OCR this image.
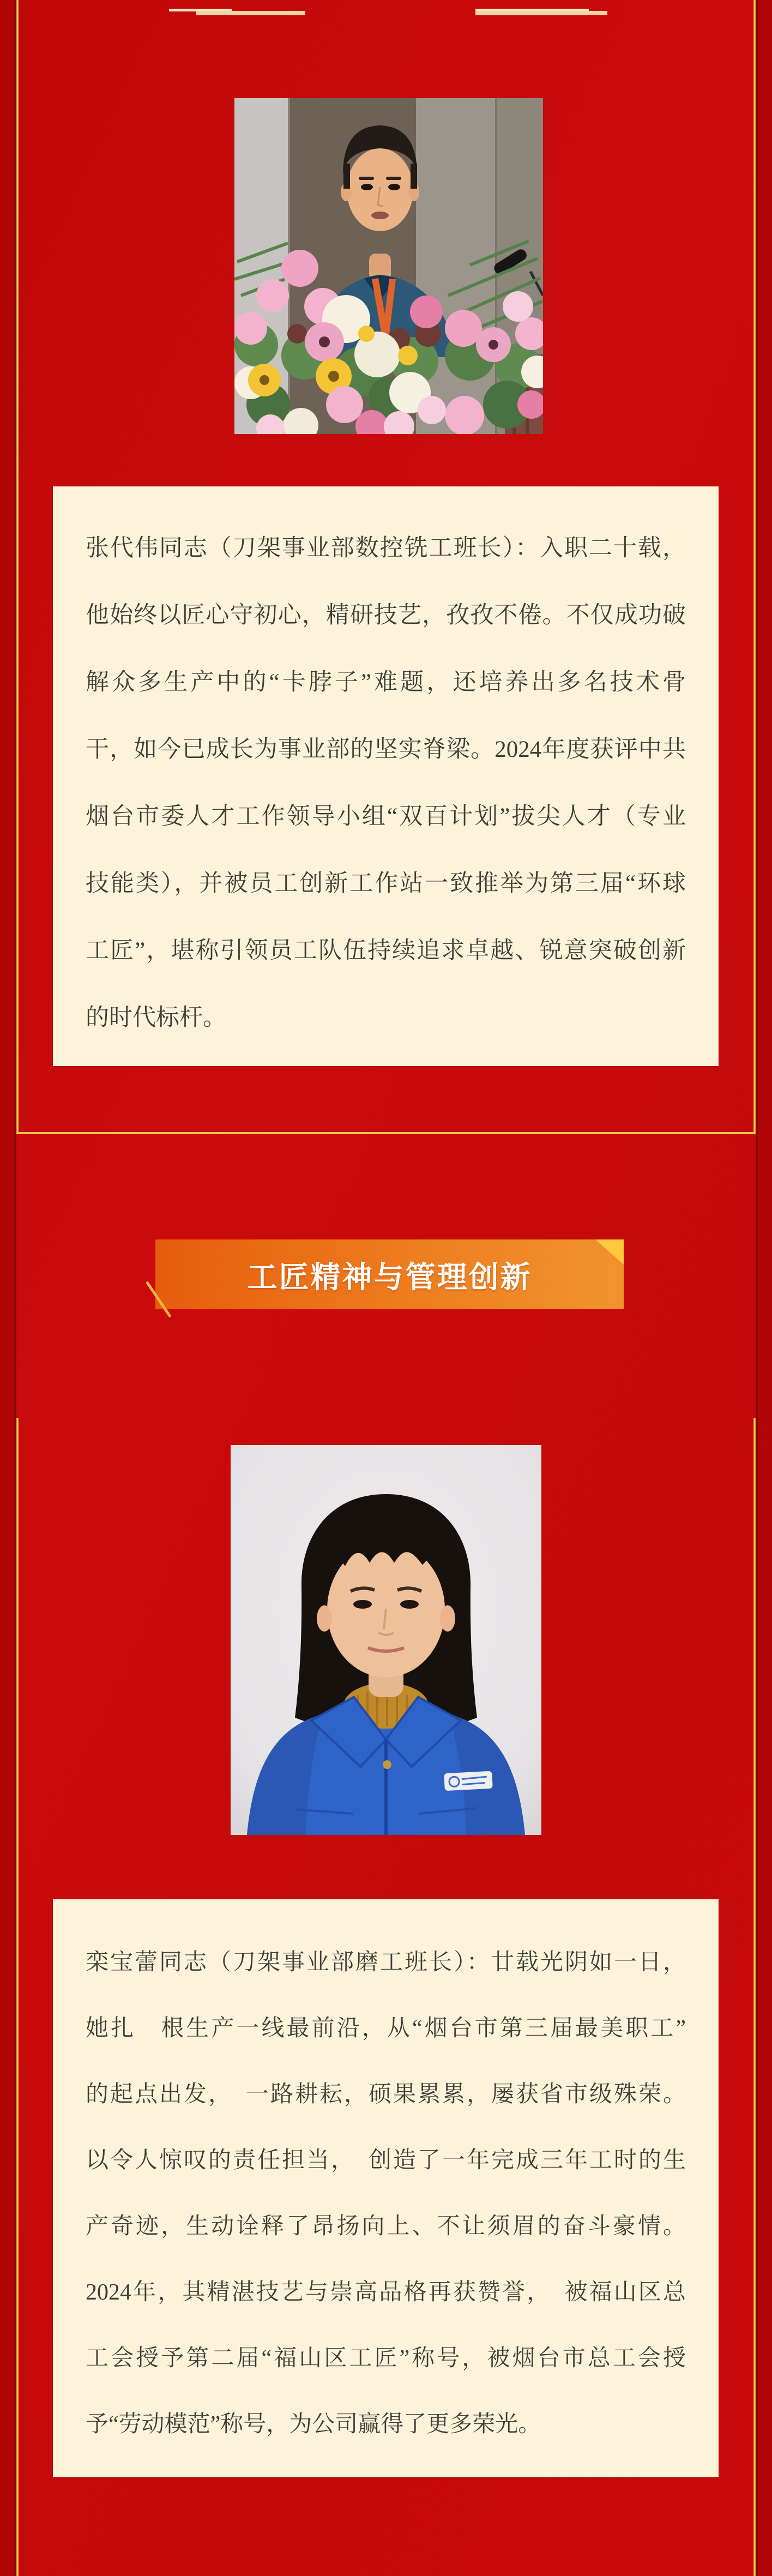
张代伟同志（刀架事业部数控铣工班长）：入职二十载，
他始终以匠心守初心，精研技艺，孜孜不倦。不仅成功破
解众多生产中的“卡脖子”难题，还培养出多名技术骨
干，如今已成长为事业部的坚实脊梁。2024年度获评中共
烟台市委人才工作领导小组“双百计划”拔尖人才（专业
技能类），并被员工创新工作站一致推举为第三届“环球
工匠”，堪称引领员工队伍持续追求卓越、锐意突破创新
的时代标杆。
工匠精神与管理创新
栾宝蕾同志（刀架事业部磨工班长）：廿载光阴如一日，
她扎　根生产一线最前沿，从“烟台市第三届最美职工”
的起点出发，　一路耕耘，硕果累累，屡获省市级殊荣。
以令人惊叹的责任担当，　创造了一年完成三年工时的生
产奇迹，生动诠释了昂扬向上、不让须眉的奋斗豪情。
2024年，其精湛技艺与崇高品格再获赞誉，　被福山区总
工会授予第二届“福山区工匠”称号，被烟台市总工会授
予“劳动模范”称号，为公司赢得了更多荣光。
